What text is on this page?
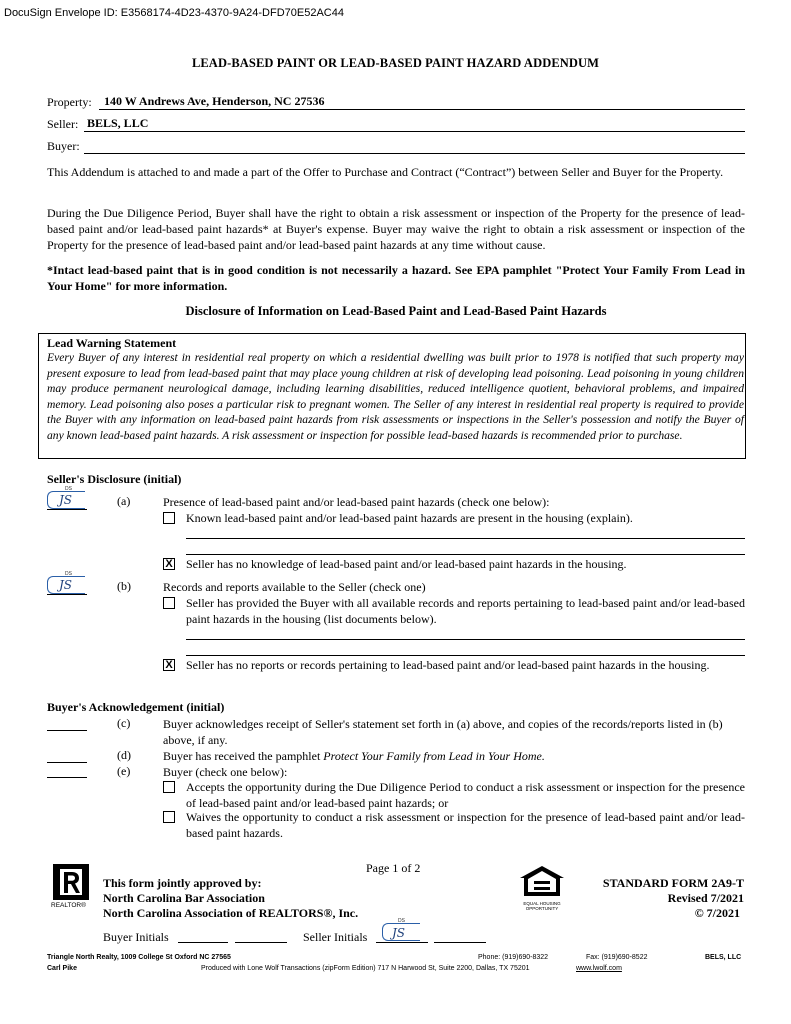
DocuSign Envelope ID: E3568174-4D23-4370-9A24-DFD70E52AC44
LEAD-BASED PAINT OR LEAD-BASED PAINT HAZARD ADDENDUM
Property: 140 W Andrews Ave, Henderson, NC 27536
Seller: BELS, LLC
Buyer:
This Addendum is attached to and made a part of the Offer to Purchase and Contract (“Contract”) between Seller and Buyer for the Property.
During the Due Diligence Period, Buyer shall have the right to obtain a risk assessment or inspection of the Property for the presence of lead-based paint and/or lead-based paint hazards* at Buyer's expense. Buyer may waive the right to obtain a risk assessment or inspection of the Property for the presence of lead-based paint and/or lead-based paint hazards at any time without cause.
*Intact lead-based paint that is in good condition is not necessarily a hazard. See EPA pamphlet "Protect Your Family From Lead in Your Home" for more information.
Disclosure of Information on Lead-Based Paint and Lead-Based Paint Hazards
Lead Warning Statement
Every Buyer of any interest in residential real property on which a residential dwelling was built prior to 1978 is notified that such property may present exposure to lead from lead-based paint that may place young children at risk of developing lead poisoning. Lead poisoning in young children may produce permanent neurological damage, including learning disabilities, reduced intelligence quotient, behavioral problems, and impaired memory. Lead poisoning also poses a particular risk to pregnant women. The Seller of any interest in residential real property is required to provide the Buyer with any information on lead-based paint hazards from risk assessments or inspections in the Seller's possession and notify the Buyer of any known lead-based paint hazards. A risk assessment or inspection for possible lead-based hazards is recommended prior to purchase.
Seller's Disclosure (initial)
DS
JS	(a)	Presence of lead-based paint and/or lead-based paint hazards (check one below):
Known lead-based paint and/or lead-based paint hazards are present in the housing (explain).
X Seller has no knowledge of lead-based paint and/or lead-based paint hazards in the housing.
DS
JS	(b)	Records and reports available to the Seller (check one)
Seller has provided the Buyer with all available records and reports pertaining to lead-based paint and/or lead-based paint hazards in the housing (list documents below).
X Seller has no reports or records pertaining to lead-based paint and/or lead-based paint hazards in the housing.
Buyer's Acknowledgement (initial)
(c)	Buyer acknowledges receipt of Seller's statement set forth in (a) above, and copies of the records/reports listed in (b) above, if any.
(d)	Buyer has received the pamphlet Protect Your Family from Lead in Your Home.
(e)	Buyer (check one below):
Accepts the opportunity during the Due Diligence Period to conduct a risk assessment or inspection for the presence of lead-based paint and/or lead-based paint hazards; or
Waives the opportunity to conduct a risk assessment or inspection for the presence of lead-based paint and/or lead-based paint hazards.
Page 1 of 2
REALTOR®
This form jointly approved by:
North Carolina Bar Association
North Carolina Association of REALTORS®, Inc.
EQUAL HOUSING OPPORTUNITY
STANDARD FORM 2A9-T
Revised 7/2021
© 7/2021
Buyer Initials	Seller Initials
DS
JS
Triangle North Realty, 1009 College St Oxford NC 27565
Carl Pike
Phone: (919)690-8322	Fax: (919)690-8522	BELS, LLC
Produced with Lone Wolf Transactions (zipForm Edition) 717 N Harwood St, Suite 2200, Dallas, TX 75201	www.lwolf.com
